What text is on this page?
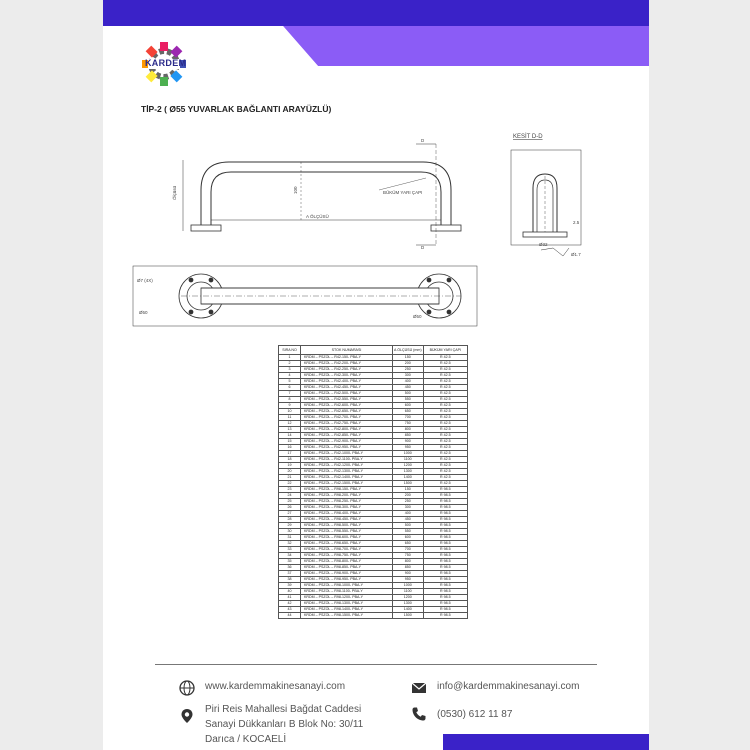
KARDEM
TİP-2 ( Ø55 YUVARLAK BAĞLANTI ARAYÜZLÜ)
BÜKÜM YARI ÇAPI
A ÖLÇÜSÜ
Ölçüsü	100
D
D
KESİT D-D
2.5
Ø32
Ø1.7
Ø7 (4X)
Ø50
Ø50
SIRA NO	STOK NUMARASI	A ÖLÇÜSÜ (mm)	BÜKÜM YARI ÇAPI
1	KRDM – PSZOL – R42-150- PBA-Y	150	R 42.5
2	KRDM – PSZOL – R42-200- PBA-Y	200	R 42.5
3	KRDM – PSZOL – R42-250- PBA-Y	250	R 42.5
4	KRDM – PSZOL – R42-300- PBA-Y	300	R 42.5
5	KRDM – PSZOL – R42-400- PBA-Y	400	R 42.5
6	KRDM – PSZOL – R42-450- PBA-Y	450	R 42.5
7	KRDM – PSZOL – R42-500- PBA-Y	500	R 42.5
8	KRDM – PSZOL – R42-550- PBA-Y	550	R 42.5
9	KRDM – PSZOL – R42-600- PBA-Y	600	R 42.5
10	KRDM – PSZOL – R42-650- PBA-Y	650	R 42.5
11	KRDM – PSZOL – R42-700- PBA-Y	700	R 42.5
12	KRDM – PSZOL – R42-750- PBA-Y	750	R 42.5
13	KRDM – PSZOL – R42-800- PBA-Y	800	R 42.5
14	KRDM – PSZOL – R42-850- PBA-Y	850	R 42.5
15	KRDM – PSZOL – R42-900- PBA-Y	900	R 42.5
16	KRDM – PSZOL – R42-950- PBA-Y	950	R 42.5
17	KRDM – PSZOL – R42-1000- PBA-Y	1000	R 42.5
18	KRDM – PSZOL – R42-1100- PBA-Y	1100	R 42.5
19	KRDM – PSZOL – R42-1200- PBA-Y	1200	R 42.5
20	KRDM – PSZOL – R42-1300- PBA-Y	1300	R 42.5
21	KRDM – PSZOL – R42-1400- PBA-Y	1400	R 42.5
22	KRDM – PSZOL – R42-1500- PBA-Y	1500	R 42.5
23	KRDM – PSZOL – R98-150- PBA-Y	150	R 98.5
24	KRDM – PSZOL – R98-200- PBA-Y	200	R 98.5
25	KRDM – PSZOL – R98-250- PBA-Y	250	R 98.5
26	KRDM – PSZOL – R98-300- PBA-Y	300	R 98.5
27	KRDM – PSZOL – R98-400- PBA-Y	400	R 98.5
28	KRDM – PSZOL – R98-450- PBA-Y	450	R 98.5
29	KRDM – PSZOL – R98-500- PBA-Y	500	R 98.5
30	KRDM – PSZOL – R98-550- PBA-Y	550	R 98.5
31	KRDM – PSZOL – R98-600- PBA-Y	600	R 98.5
32	KRDM – PSZOL – R98-650- PBA-Y	650	R 98.5
33	KRDM – PSZOL – R98-700- PBA-Y	700	R 98.5
34	KRDM – PSZOL – R98-750- PBA-Y	750	R 98.5
35	KRDM – PSZOL – R98-800- PBA-Y	800	R 98.5
36	KRDM – PSZOL – R98-850- PBA-Y	850	R 98.5
37	KRDM – PSZOL – R98-900- PBA-Y	900	R 98.5
38	KRDM – PSZOL – R98-950- PBA-Y	950	R 98.5
39	KRDM – PSZOL – R98-1000- PBA-Y	1000	R 98.5
40	KRDM – PSZOL – R98-1100- PBA-Y	1100	R 98.5
41	KRDM – PSZOL – R98-1200- PBA-Y	1200	R 98.5
42	KRDM – PSZOL – R98-1300- PBA-Y	1300	R 98.5
43	KRDM – PSZOL – R98-1400- PBA-Y	1400	R 98.5
44	KRDM – PSZOL – R98-1500- PBA-Y	1500	R 98.5
www.kardemmakinesanayi.com	info@kardemmakinesanayi.com
Piri Reis Mahallesi Bağdat Caddesi
Sanayi Dükkanları B Blok No: 30/11
Darıca / KOCAELİ
(0530) 612 11 87
